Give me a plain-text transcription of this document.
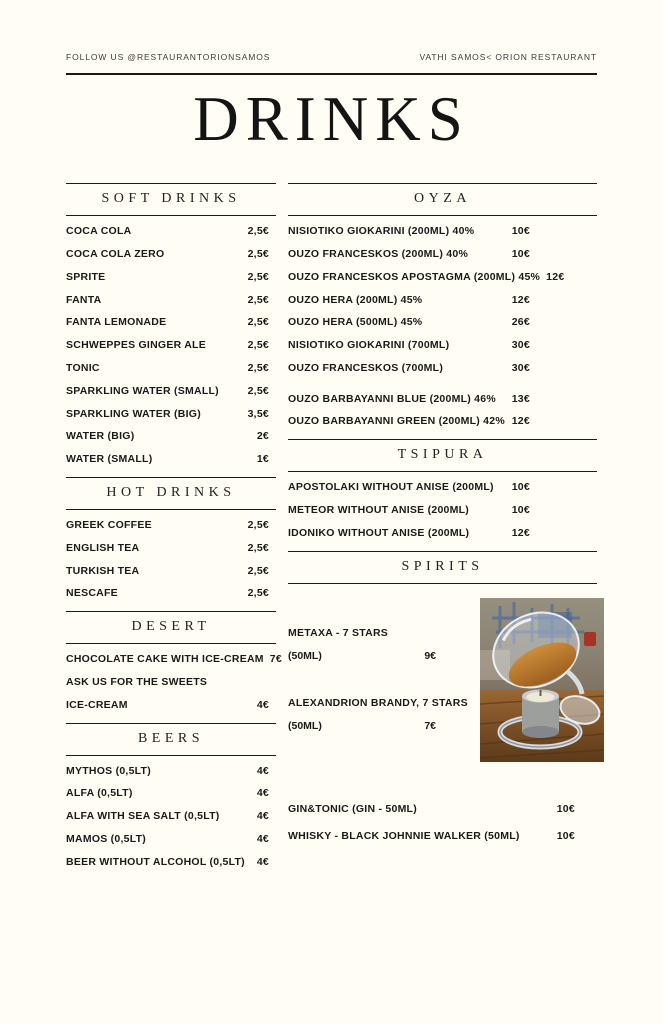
FOLLOW US @RESTAURANTORIONSAMOS	VATHI SAMOS< ORION RESTAURANT
DRINKS
SOFT DRINKS
COCA COLA	2,5€
COCA COLA ZERO	2,5€
SPRITE	2,5€
FANTA	2,5€
FANTA LEMONADE	2,5€
SCHWEPPES GINGER ALE	2,5€
TONIC	2,5€
SPARKLING WATER (SMALL)	2,5€
SPARKLING WATER (BIG)	3,5€
WATER (BIG)	2€
WATER (SMALL)	1€
HOT DRINKS
GREEK COFFEE	2,5€
ENGLISH TEA	2,5€
TURKISH TEA	2,5€
NESCAFE	2,5€
DESERT
CHOCOLATE CAKE WITH ICE-CREAM 7€
ASK US FOR THE SWEETS
ICE-CREAM	4€
BEERS
MYTHOS (0,5LT)	4€
ALFA (0,5LT)	4€
ALFA WITH SEA SALT (0,5LT)	4€
MAMOS (0,5LT)	4€
BEER WITHOUT ALCOHOL (0,5LT)	4€
OYZA
NISIOTIKO GIOKARINI (200ML) 40%	10€
OUZO FRANCESKOS (200ML) 40%	10€
OUZO FRANCESKOS APOSTAGMA (200ML) 45% 12€
OUZO HERA (200ML) 45%	12€
OUZO HERA (500ML) 45%	26€
NISIOTIKO GIOKARINI (700ML)	30€
OUZO FRANCESKOS (700ML)	30€
OUZO BARBAYANNI BLUE (200ML) 46%	13€
OUZO BARBAYANNI GREEN (200ML) 42% 12€
TSIPURA
APOSTOLAKI WITHOUT ANISE (200ML)	10€
METEOR WITHOUT ANISE (200ML)	10€
IDONIKO WITHOUT ANISE (200ML)	12€
SPIRITS
METAXA - 7 STARS
(50ML)	9€
ALEXANDRION BRANDY, 7 STARS
(50ML)	7€
GIN&TONIC (GIN - 50ML)	10€
WHISKY - BLACK JOHNNIE WALKER (50ML)	10€
